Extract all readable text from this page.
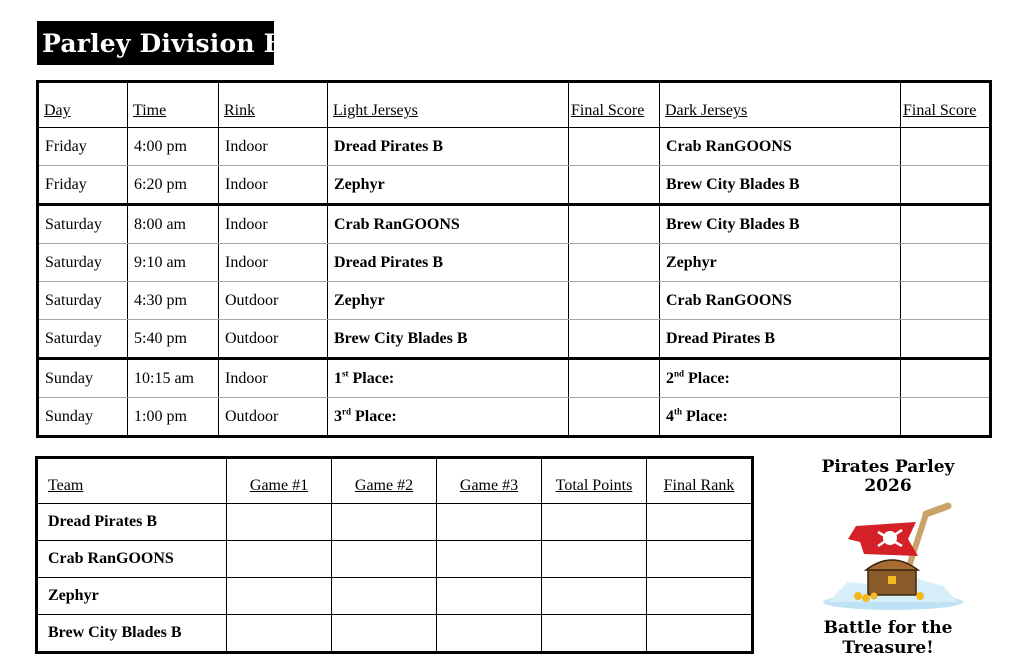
Parley Division B
Day	Time	Rink	Light Jerseys	Final Score	Dark Jerseys	Final Score
Friday	4:00 pm	Indoor	Dread Pirates B		Crab RanGOONS	
Friday	6:20 pm	Indoor	Zephyr		Brew City Blades B	
Saturday	8:00 am	Indoor	Crab RanGOONS		Brew City Blades B	
Saturday	9:10 am	Indoor	Dread Pirates B		Zephyr	
Saturday	4:30 pm	Outdoor	Zephyr		Crab RanGOONS	
Saturday	5:40 pm	Outdoor	Brew City Blades B		Dread Pirates B	
Sunday	10:15 am	Indoor	1st Place:		2nd Place:	
Sunday	1:00 pm	Outdoor	3rd Place:		4th Place:	
Team	Game #1	Game #2	Game #3	Total Points	Final Rank
Dread Pirates B					
Crab RanGOONS					
Zephyr					
Brew City Blades B					
Pirates Parley
2026
Battle for the Treasure!
